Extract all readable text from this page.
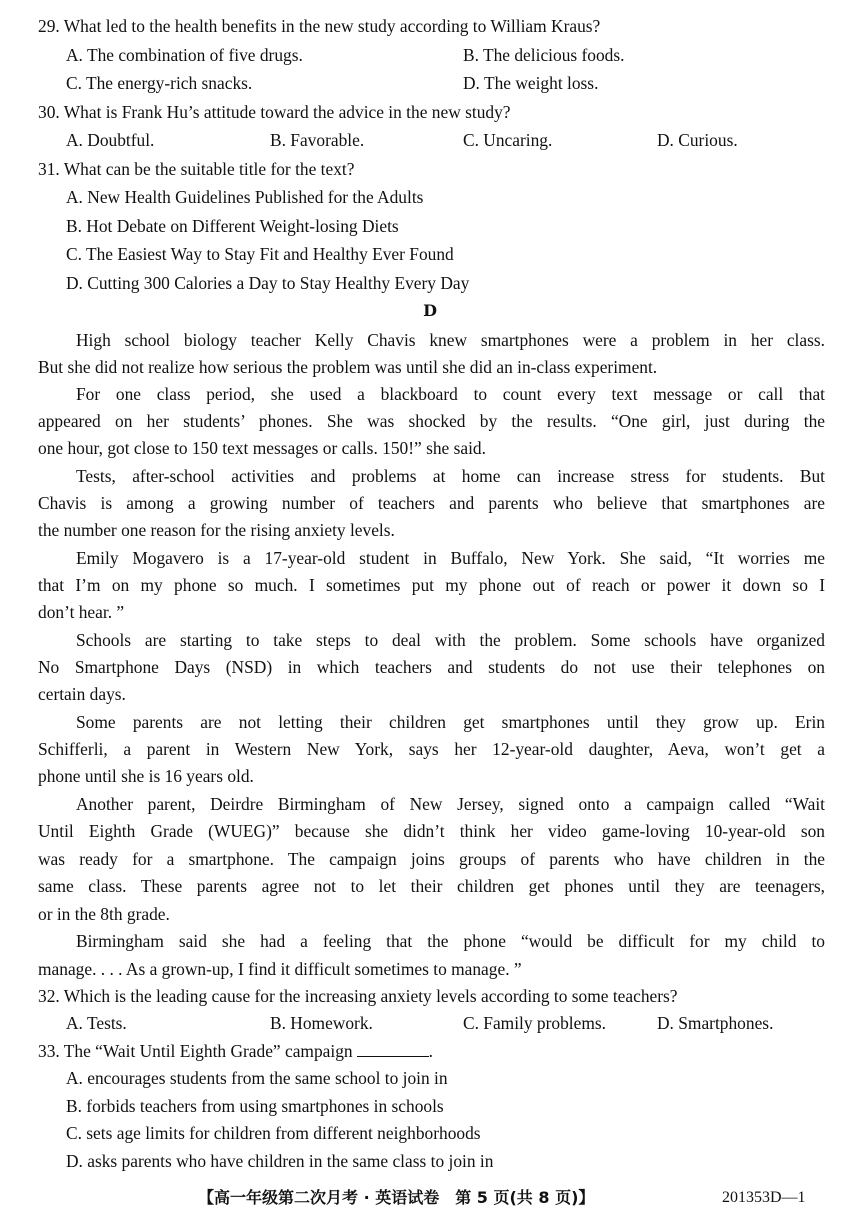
29. What led to the health benefits in the new study according to William Kraus?
A. The combination of five drugs.	B. The delicious foods.
C. The energy-rich snacks.	D. The weight loss.
30. What is Frank Hu’s attitude toward the advice in the new study?
A. Doubtful.	B. Favorable.	C. Uncaring.	D. Curious.
31. What can be the suitable title for the text?
A. New Health Guidelines Published for the Adults
B. Hot Debate on Different Weight-losing Diets
C. The Easiest Way to Stay Fit and Healthy Ever Found
D. Cutting 300 Calories a Day to Stay Healthy Every Day
D
High school biology teacher Kelly Chavis knew smartphones were a problem in her class.
But she did not realize how serious the problem was until she did an in-class experiment.
For one class period, she used a blackboard to count every text message or call that
appeared on her students’ phones. She was shocked by the results. “One girl, just during the
one hour, got close to 150 text messages or calls. 150!” she said.
Tests, after-school activities and problems at home can increase stress for students. But
Chavis is among a growing number of teachers and parents who believe that smartphones are
the number one reason for the rising anxiety levels.
Emily Mogavero is a 17-year-old student in Buffalo, New York. She said, “It worries me
that I’m on my phone so much. I sometimes put my phone out of reach or power it down so I
don’t hear. ”
Schools are starting to take steps to deal with the problem. Some schools have organized
No Smartphone Days (NSD) in which teachers and students do not use their telephones on
certain days.
Some parents are not letting their children get smartphones until they grow up. Erin
Schifferli, a parent in Western New York, says her 12-year-old daughter, Aeva, won’t get a
phone until she is 16 years old.
Another parent, Deirdre Birmingham of New Jersey, signed onto a campaign called “Wait
Until Eighth Grade (WUEG)” because she didn’t think her video game-loving 10-year-old son
was ready for a smartphone. The campaign joins groups of parents who have children in the
same class. These parents agree not to let their children get phones until they are teenagers,
or in the 8th grade.
Birmingham said she had a feeling that the phone “would be difficult for my child to
manage. . . . As a grown-up, I find it difficult sometimes to manage. ”
32. Which is the leading cause for the increasing anxiety levels according to some teachers?
A. Tests.	B. Homework.	C. Family problems.	D. Smartphones.
33. The “Wait Until Eighth Grade” campaign	.
A. encourages students from the same school to join in
B. forbids teachers from using smartphones in schools
C. sets age limits for children from different neighborhoods
D. asks parents who have children in the same class to join in
【高一年级第二次月考 · 英语试卷　第 5 页(共 8 页)】	201353D—1
